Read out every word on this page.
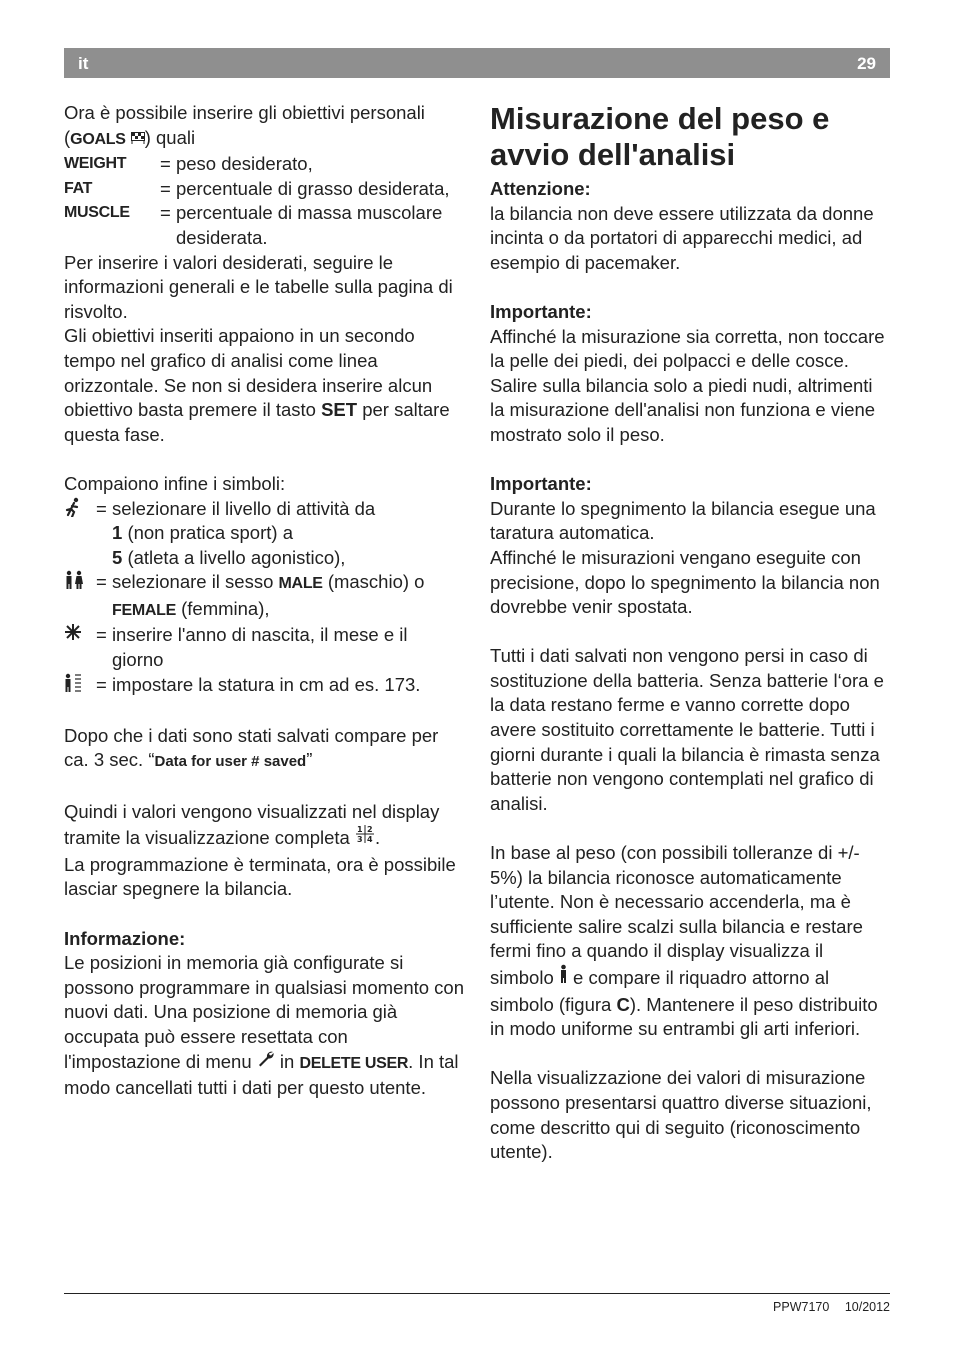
it	29

Ora è possibile inserire gli obiettivi personali
(GOALS ) quali

WEIGHT	= peso desiderato,
FAT	= percentuale di grasso desiderata,
MUSCLE	= percentuale di massa muscolare desiderata.

Per inserire i valori desiderati, seguire le informazioni generali e le tabelle sulla pagina di risvolto.

Gli obiettivi inseriti appaiono in un secondo tempo nel grafico di analisi come linea orizzontale. Se non si desidera inserire alcun obiettivo basta premere il tasto SET per saltare questa fase.

Compaiono infine i simboli:

= selezionare il livello di attività da
1 (non pratica sport) a
5 (atleta a livello agonistico),
= selezionare il sesso MALE (maschio) o
FEMALE (femmina),
= inserire l'anno di nascita, il mese e il giorno
= impostare la statura in cm ad es. 173.

Dopo che i dati sono stati salvati compare per ca. 3 sec. “Data for user # saved”

Quindi i valori vengono visualizzati nel display tramite la visualizzazione completa 1 2
3 4 .

La programmazione è terminata, ora è possibile lasciar spegnere la bilancia.

Informazione:

Le posizioni in memoria già configurate si possono programmare in qualsiasi momento con nuovi dati. Una posizione di memoria già occupata può essere resettata con l'impostazione di menu in DELETE USER. In tal modo cancellati tutti i dati per questo utente.

Misurazione del peso e avvio dell'analisi

Attenzione:

la bilancia non deve essere utilizzata da donne incinta o da portatori di apparecchi medici, ad esempio di pacemaker.

Importante:

Affinché la misurazione sia corretta, non toccare la pelle dei piedi, dei polpacci e delle cosce.

Salire sulla bilancia solo a piedi nudi, altrimenti la misurazione dell'analisi non funziona e viene mostrato solo il peso.

Importante:

Durante lo spegnimento la bilancia esegue una taratura automatica.

Affinché le misurazioni vengano eseguite con precisione, dopo lo spegnimento la bilancia non dovrebbe venir spostata.

Tutti i dati salvati non vengono persi in caso di sostituzione della batteria. Senza batterie l‘ora e la data restano ferme e vanno corrette dopo avere sostituito correttamente le batterie. Tutti i giorni durante i quali la bilancia è rimasta senza batterie non vengono contemplati nel grafico di analisi.

In base al peso (con possibili tolleranze di +/- 5%) la bilancia riconosce automaticamente l’utente. Non è necessario accenderla, ma è sufficiente salire scalzi sulla bilancia e restare fermi fino a quando il display visualizza il simbolo e compare il riquadro attorno al simbolo (figura C). Mantenere il peso distribuito in modo uniforme su entrambi gli arti inferiori.

Nella visualizzazione dei valori di misurazione possono presentarsi quattro diverse situazioni, come descritto qui di seguito (riconoscimento utente).

PPW7170 10/2012
